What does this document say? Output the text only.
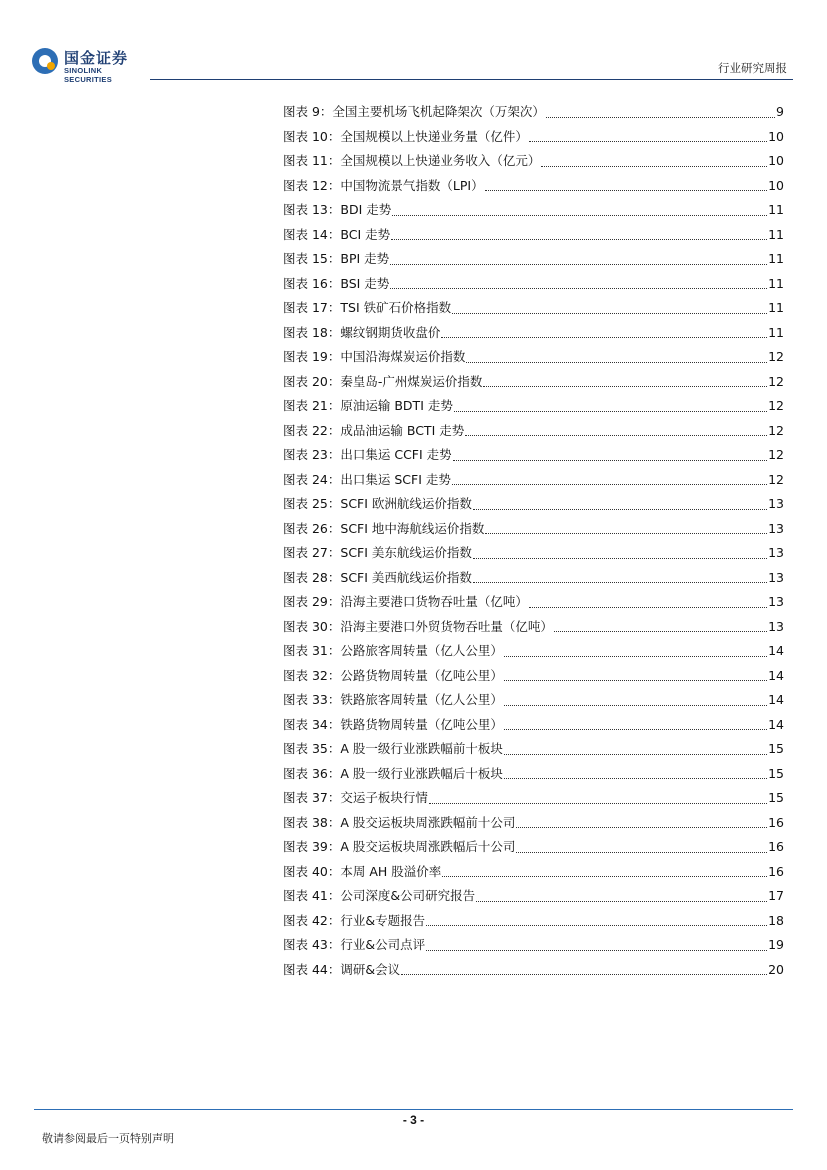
国金证券
SINOLINK SECURITIES
行业研究周报
图表 9：全国主要机场飞机起降架次（万架次）	9
图表 10：全国规模以上快递业务量（亿件）	10
图表 11：全国规模以上快递业务收入（亿元）	10
图表 12：中国物流景气指数（LPI）	10
图表 13：BDI 走势	11
图表 14：BCI 走势	11
图表 15：BPI 走势	11
图表 16：BSI 走势	11
图表 17：TSI 铁矿石价格指数	11
图表 18：螺纹钢期货收盘价	11
图表 19：中国沿海煤炭运价指数	12
图表 20：秦皇岛-广州煤炭运价指数	12
图表 21：原油运输 BDTI 走势	12
图表 22：成品油运输 BCTI 走势	12
图表 23：出口集运 CCFI 走势	12
图表 24：出口集运 SCFI 走势	12
图表 25：SCFI 欧洲航线运价指数	13
图表 26：SCFI 地中海航线运价指数	13
图表 27：SCFI 美东航线运价指数	13
图表 28：SCFI 美西航线运价指数	13
图表 29：沿海主要港口货物吞吐量（亿吨）	13
图表 30：沿海主要港口外贸货物吞吐量（亿吨）	13
图表 31：公路旅客周转量（亿人公里）	14
图表 32：公路货物周转量（亿吨公里）	14
图表 33：铁路旅客周转量（亿人公里）	14
图表 34：铁路货物周转量（亿吨公里）	14
图表 35：A 股一级行业涨跌幅前十板块	15
图表 36：A 股一级行业涨跌幅后十板块	15
图表 37：交运子板块行情	15
图表 38：A 股交运板块周涨跌幅前十公司	16
图表 39：A 股交运板块周涨跌幅后十公司	16
图表 40：本周 AH 股溢价率	16
图表 41：公司深度&公司研究报告	17
图表 42：行业&专题报告	18
图表 43：行业&公司点评	19
图表 44：调研&会议	20
- 3 -
敬请参阅最后一页特别声明
